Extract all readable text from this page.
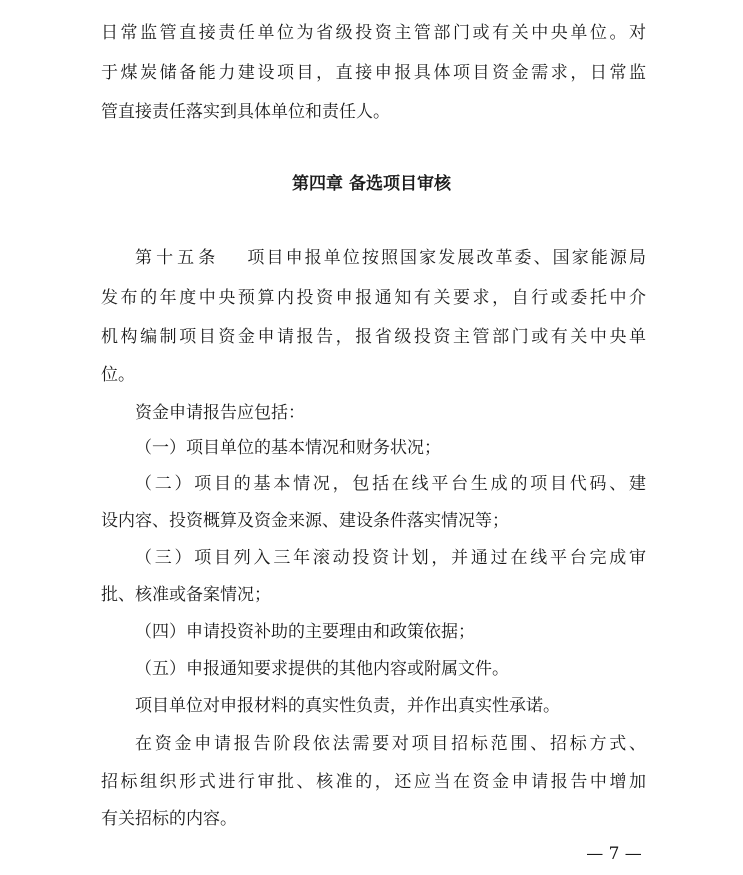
日常监管直接责任单位为省级投资主管部门或有关中央单位。对
于煤炭储备能力建设项目，直接申报具体项目资金需求，日常监
管直接责任落实到具体单位和责任人。
第四章 备选项目审核
第十五条 项目申报单位按照国家发展改革委、国家能源局
发布的年度中央预算内投资申报通知有关要求，自行或委托中介
机构编制项目资金申请报告，报省级投资主管部门或有关中央单
位。
资金申请报告应包括：
（一）项目单位的基本情况和财务状况；
（二）项目的基本情况，包括在线平台生成的项目代码、建
设内容、投资概算及资金来源、建设条件落实情况等；
（三）项目列入三年滚动投资计划，并通过在线平台完成审
批、核准或备案情况；
（四）申请投资补助的主要理由和政策依据；
（五）申报通知要求提供的其他内容或附属文件。
项目单位对申报材料的真实性负责，并作出真实性承诺。
在资金申请报告阶段依法需要对项目招标范围、招标方式、
招标组织形式进行审批、核准的，还应当在资金申请报告中增加
有关招标的内容。
— 7 —
